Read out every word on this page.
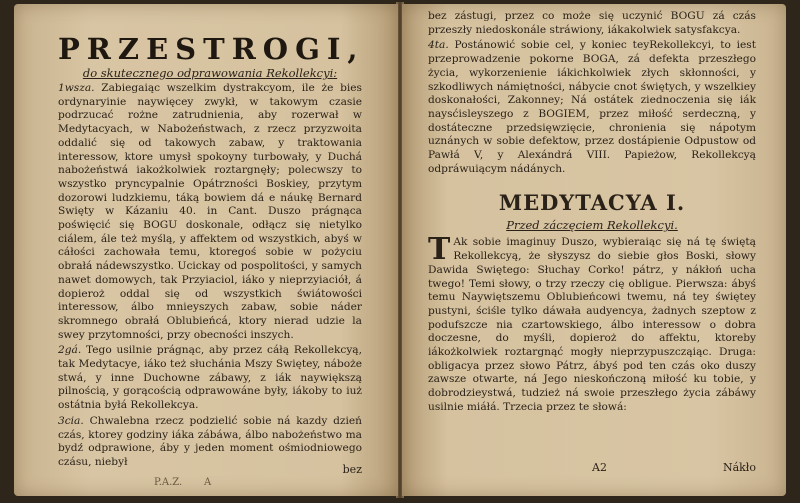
PRZESTROGI,
do skutecznego odprawowania Rekollekcyi:

1wsza. Zabiegaiąc wszelkim dystrakcyom, ile że bies ordynaryinie naywięcey zwykł, w takowym czasie podrzucać rożne zatrudnienia, aby rozerwał w Medytacyach, w Nabożeństwach, z rzecz przyzwoita oddalić się od takowych zabaw, y traktowania interessow, ktore umysł spokoyny turbowały, y Duchá nabożeństwá iakożkolwiek roztargnęły; polecwszy to wszystko pryncypalnie Opátrzności Boskiey, przytym dozorowi ludzkiemu, táką bowiem dá e náukę Bernard Swięty w Kázaniu 40. in Cant. Duszo prágnąca poświęcić się BOGU doskonale, odłącz się nietylko ciálem, ále też myślą, y affektem od wszystkich, abyś w cáłości zachowała temu, ktoregoś sobie w pożyciu obrałá nádewszystko. Ucickay od pospolitości, y samych nawet domowych, tak Przyiaciol, iáko y nieprzyiaciół, á dopieroż oddal się od wszystkich świátowości interessow, álbo mnieyszych zabaw, sobie náder skromnego obrałá Oblubieńcá, ktory nierad udzie la swey przytomności, przy obecności inszych.

2gá. Tego usilnie prágnąc, aby przez cáłą Rekollekcyą, tak Medytacye, iáko też słuchánia Mszy Swiętey, náboże stwá, y inne Duchowne zábawy, z iák naywiększą pilnością, y gorącością odprawowáne były, iákoby to iuż ostátnia byłá Rekollekcya.

3cia. Chwalebna rzecz podzielić sobie ná kazdy dzień czás, ktorey godziny iáka zábáwa, álbo nabożeństwo ma bydź odprawione, áby y jeden moment ośmiodniowego czásu, niebył

bez
P.A.Z. A

bez zástugi, przez co może się uczynić BOGU zá czás przeszły niedoskonále stráwiony, iákakolwiek satysfakcya.

4ta. Postánowić sobie cel, y koniec teyRekollekcyi, to iest przeprowadzenie pokorne BOGA, zá defekta przeszłego życia, wykorzenienie iákichkolwiek złych skłonności, y szkodliwych námiętności, nábycie cnot świętych, y wszelkiey doskonałości, Zakonney; Ná ostátek ziednoczenia się iák naysćisleyszego z BOGIEM, przez miłość serdeczną, y dostáteczne przedsięwzięcie, chronienia się nápotym uznánych w sobie defektow, przez dostápienie Odpustow od Pawłá V, y Alexándrá VIII. Papieżow, Rekollekcyą odpráwuiącym nádánych.

MEDYTACYA I.
Przed záczęciem Rekollekcyi.

T Ak sobie imaginuy Duszo, wybieraiąc się ná tę świętą Rekollekcyą, że słyszysz do siebie głos Boski, słowy Dawida Swiętego: Słuchay Corko! pátrz, y nákłoń ucha twego! Temi słowy, o trzy rzeczy cię obligue. Pierwsza: ábyś temu Naywiętszemu Oblubieńcowi twemu, ná tey świętey pustyni, ściśle tylko dáwała audyencya, żadnych szeptow z podufszcze nia czartowskiego, álbo interessow o dobra doczesne, do myśli, dopieroż do affektu, ktoreby iákożkolwiek roztargnąć mogły nieprzypuszcząiąc. Druga: obligacya przez słowo Pátrz, ábyś pod ten czás oko duszy zawsze otwarte, ná Jego nieskończoną miłość ku tobie, y dobrodzieystwá, tudzież ná swoie przeszłego życia zábáwy usilnie miáłá. Trzecia przez te słowá:

A2	Nákło
